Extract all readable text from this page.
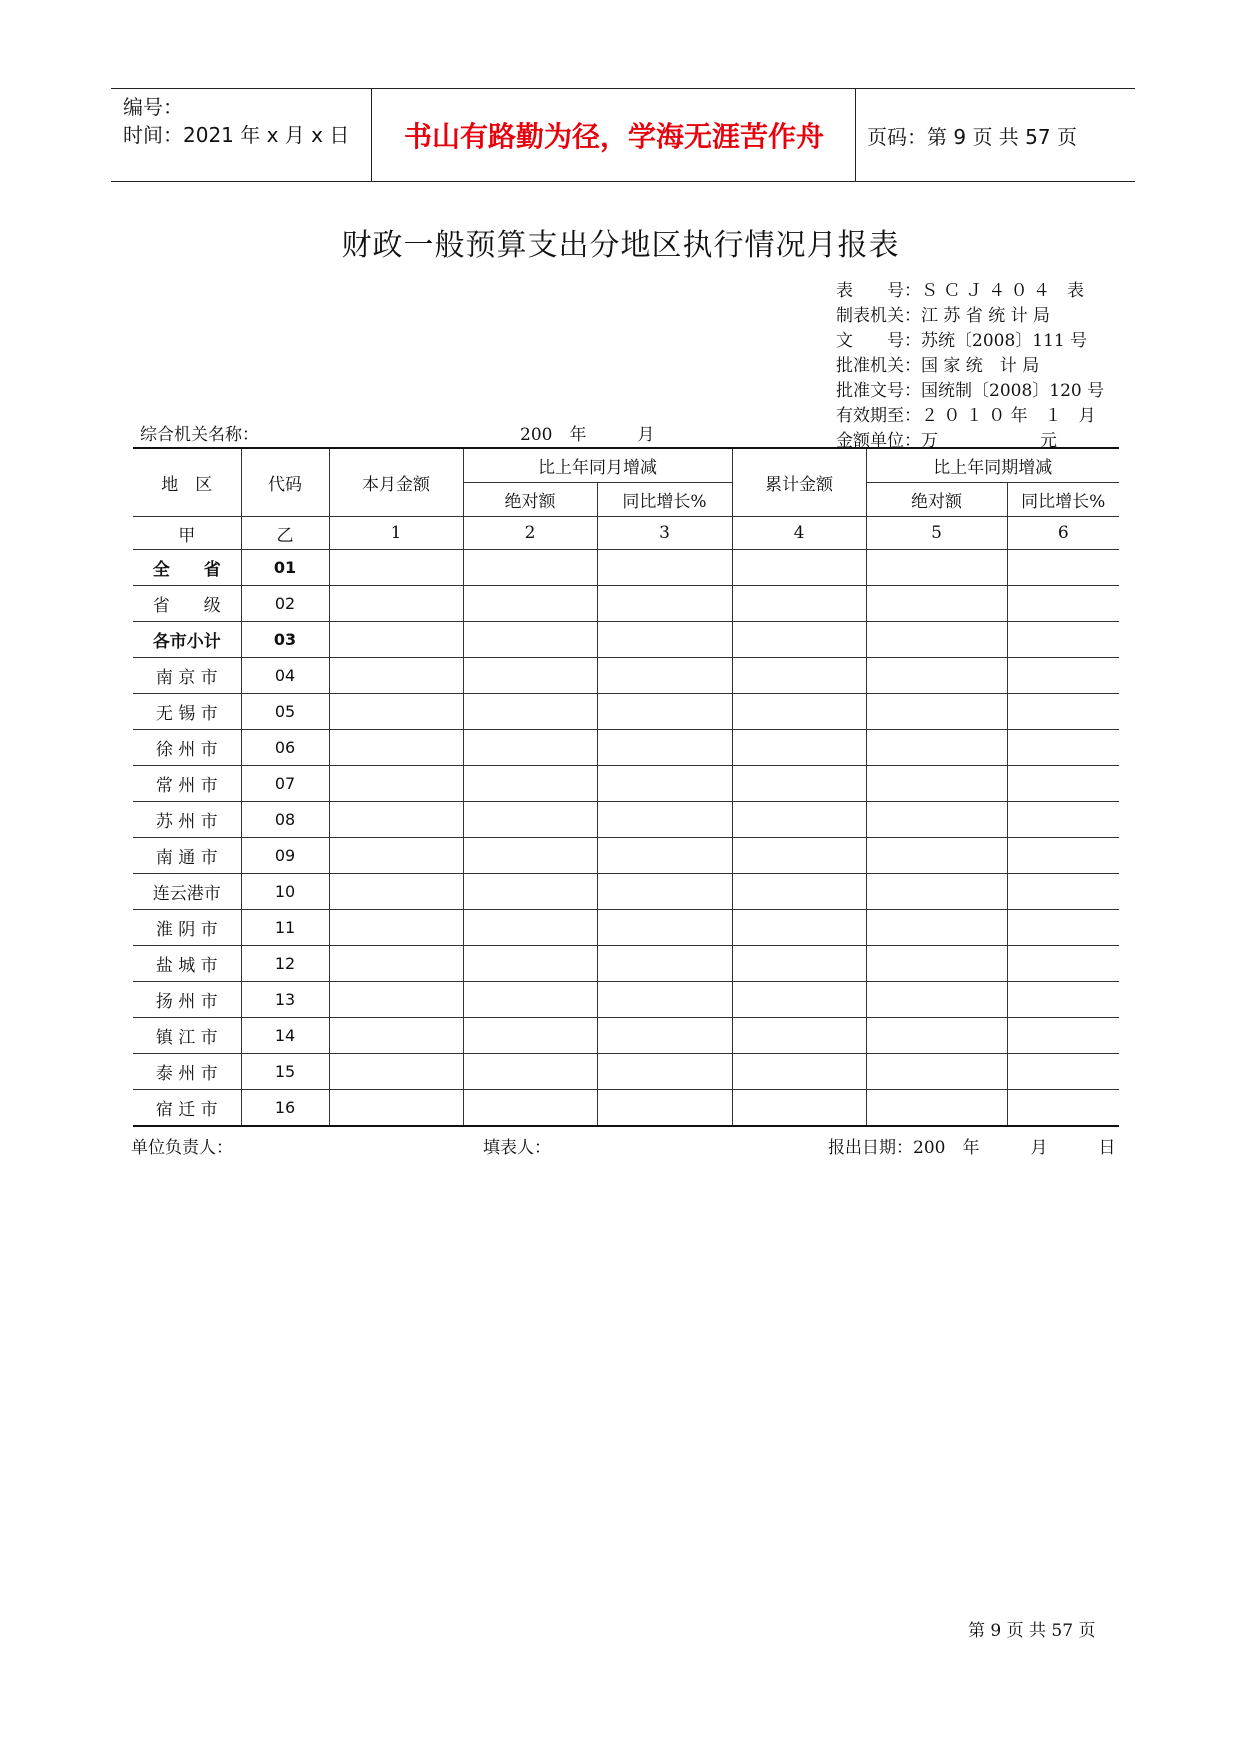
编号：
时间：2021 年 x 月 x 日	书山有路勤为径，学海无涯苦作舟	页码：第 9 页 共 57 页
财政一般预算支出分地区执行情况月报表
表　　号：Ｓ Ｃ Ｊ ４ ０ ４　表
制表机关：江 苏 省 统 计 局
文　　号：苏统〔2008〕111 号
批准机关：国 家 统　计 局
批准文号：国统制〔2008〕120 号
有效期至：２ ０ １ ０ 年　１　月
金额单位：万　　　　　　元
综合机关名称：	200　年　　　月
地　区	代码	本月金额	比上年同月增减		累计金额	比上年同期增减	
			绝对额	同比增长%		绝对额	同比增长%
甲	乙	1	2	3	4	5	6
全　　省	01						
省　　级	02						
各市小计	03						
南 京 市	04						
无 锡 市	05						
徐 州 市	06						
常 州 市	07						
苏 州 市	08						
南 通 市	09						
连云港市	10						
淮 阴 市	11						
盐 城 市	12						
扬 州 市	13						
镇 江 市	14						
泰 州 市	15						
宿 迁 市	16						
单位负责人：	填表人：	报出日期：200　年　　　月　　　日
第 9 页 共 57 页
